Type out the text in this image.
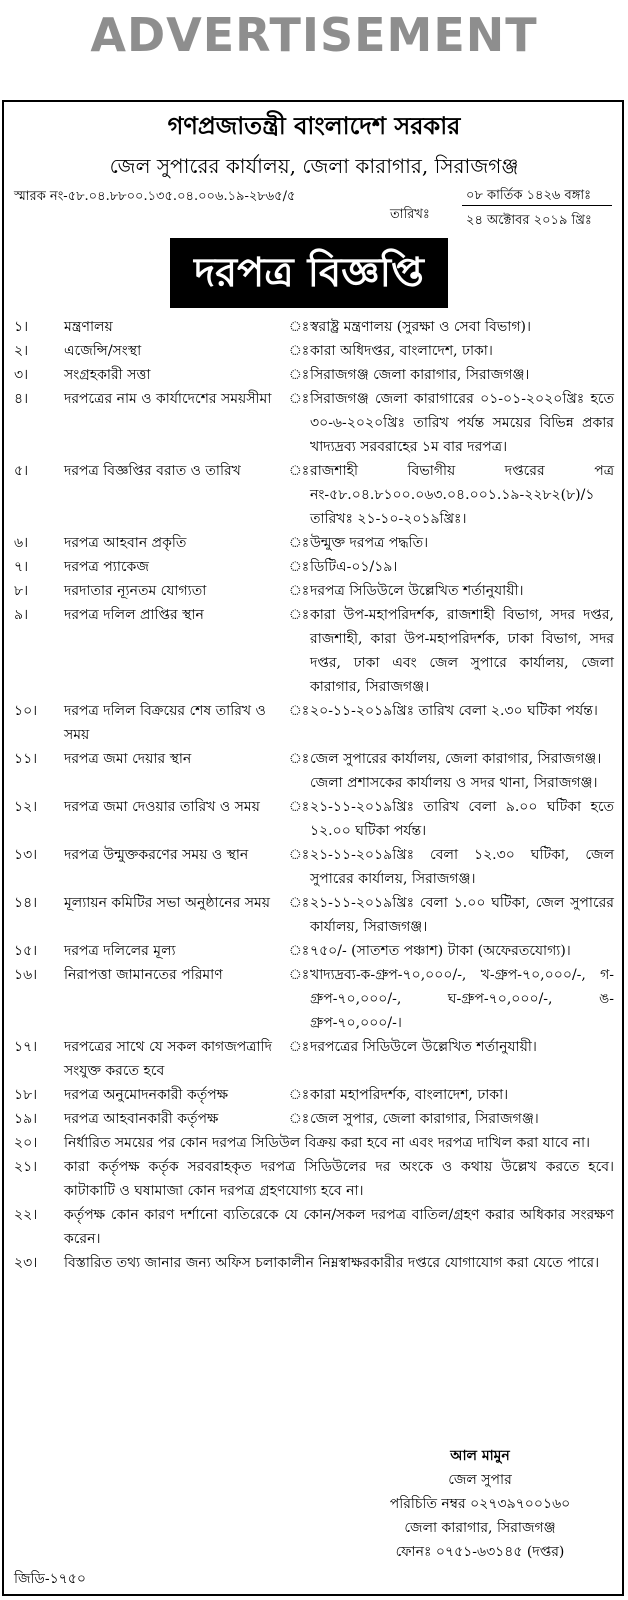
ADVERTISEMENT
গণপ্রজাতন্ত্রী বাংলাদেশ সরকার
জেল সুপারের কার্যালয়, জেলা কারাগার, সিরাজগঞ্জ
স্মারক নং-৫৮.০৪.৮৮০০.১৩৫.০৪.০০৬.১৯-২৮৬৫/৫
তারিখঃ
০৮ কার্তিক ১৪২৬ বঙ্গাঃ
২৪ অক্টোবর ২০১৯ খ্রিঃ
দরপত্র বিজ্ঞপ্তি
১।	মন্ত্রণালয়	ঃ স্বরাষ্ট্র মন্ত্রণালয় (সুরক্ষা ও সেবা বিভাগ)।
২।	এজেন্সি/সংস্থা	ঃ কারা অধিদপ্তর, বাংলাদেশ, ঢাকা।
৩।	সংগ্রহকারী সত্তা	ঃ সিরাজগঞ্জ জেলা কারাগার, সিরাজগঞ্জ।
৪।	দরপত্রের নাম ও কার্যাদেশের সময়সীমা	ঃ সিরাজগঞ্জ জেলা কারাগারের ০১-০১-২০২০খ্রিঃ হতে ৩০-৬-২০২০খ্রিঃ তারিখ পর্যন্ত সময়ের বিভিন্ন প্রকার খাদ্যদ্রব্য সরবরাহের ১ম বার দরপত্র।
৫।	দরপত্র বিজ্ঞপ্তির বরাত ও তারিখ	ঃ রাজশাহী বিভাগীয় দপ্তরের পত্র নং-৫৮.০৪.৮১০০.০৬৩.০৪.০০১.১৯-২২৮২(৮)/১ তারিখঃ ২১-১০-২০১৯খ্রিঃ।
৬।	দরপত্র আহবান প্রকৃতি	ঃ উন্মুক্ত দরপত্র পদ্ধতি।
৭।	দরপত্র প্যাকেজ	ঃ ডিটিএ-০১/১৯।
৮।	দরদাতার ন্যূনতম যোগ্যতা	ঃ দরপত্র সিডিউলে উল্লেখিত শর্তানুযায়ী।
৯।	দরপত্র দলিল প্রাপ্তির স্থান	ঃ কারা উপ-মহাপরিদর্শক, রাজশাহী বিভাগ, সদর দপ্তর, রাজশাহী, কারা উপ-মহাপরিদর্শক, ঢাকা বিভাগ, সদর দপ্তর, ঢাকা এবং জেল সুপারে কার্যালয়, জেলা কারাগার, সিরাজগঞ্জ।
১০।	দরপত্র দলিল বিক্রয়ের শেষ তারিখ ও সময়
ঃ ২০-১১-২০১৯খ্রিঃ তারিখ বেলা ২.৩০ ঘটিকা পর্যন্ত।
১১।	দরপত্র জমা দেয়ার স্থান	ঃ জেল সুপারের কার্যালয়, জেলা কারাগার, সিরাজগঞ্জ।
জেলা প্রশাসকের কার্যালয় ও সদর থানা, সিরাজগঞ্জ।
১২।	দরপত্র জমা দেওয়ার তারিখ ও সময়	ঃ ২১-১১-২০১৯খ্রিঃ তারিখ বেলা ৯.০০ ঘটিকা হতে ১২.০০ ঘটিকা পর্যন্ত।
১৩।	দরপত্র উন্মুক্তকরণের সময় ও স্থান	ঃ ২১-১১-২০১৯খ্রিঃ বেলা ১২.৩০ ঘটিকা, জেল সুপারের কার্যালয়, সিরাজগঞ্জ।
১৪।	মূল্যায়ন কমিটির সভা অনুষ্ঠানের সময়	ঃ ২১-১১-২০১৯খ্রিঃ বেলা ১.০০ ঘটিকা, জেল সুপারের কার্যালয়, সিরাজগঞ্জ।
১৫।	দরপত্র দলিলের মূল্য	ঃ ৭৫০/- (সাতশত পঞ্চাশ) টাকা (অফেরতযোগ্য)।
১৬।	নিরাপত্তা জামানতের পরিমাণ	ঃ খাদ্যদ্রব্য-ক-গ্রুপ-৭০,০০০/-, খ-গ্রুপ-৭০,০০০/-, গ-গ্রুপ-৭০,০০০/-, ঘ-গ্রুপ-৭০,০০০/-, ঙ-গ্রুপ-৭০,০০০/-।
১৭।	দরপত্রের সাথে যে সকল কাগজপত্রাদি সংযুক্ত করতে হবে
ঃ দরপত্রের সিডিউলে উল্লেখিত শর্তানুযায়ী।
১৮।	দরপত্র অনুমোদনকারী কর্তৃপক্ষ	ঃ কারা মহাপরিদর্শক, বাংলাদেশ, ঢাকা।
১৯।	দরপত্র আহবানকারী কর্তৃপক্ষ	ঃ জেল সুপার, জেলা কারাগার, সিরাজগঞ্জ।
২০।	নির্ধারিত সময়ের পর কোন দরপত্র সিডিউল বিক্রয় করা হবে না এবং দরপত্র দাখিল করা যাবে না।
২১।	কারা কর্তৃপক্ষ কর্তৃক সরবরাহকৃত দরপত্র সিডিউলের দর অংকে ও কথায় উল্লেখ করতে হবে। কাটাকাটি ও ঘষামাজা কোন দরপত্র গ্রহণযোগ্য হবে না।
২২।	কর্তৃপক্ষ কোন কারণ দর্শানো ব্যতিরেকে যে কোন/সকল দরপত্র বাতিল/গ্রহণ করার অধিকার সংরক্ষণ করেন।
২৩।	বিস্তারিত তথ্য জানার জন্য অফিস চলাকালীন নিম্নস্বাক্ষরকারীর দপ্তরে যোগাযোগ করা যেতে পারে।
আল মামুন
জেল সুপার
পরিচিতি নম্বর ০২৭৩৯৭০০১৬০
জেলা কারাগার, সিরাজগঞ্জ
ফোনঃ ০৭৫১-৬৩১৪৫ (দপ্তর)
জিডি-১৭৫০
